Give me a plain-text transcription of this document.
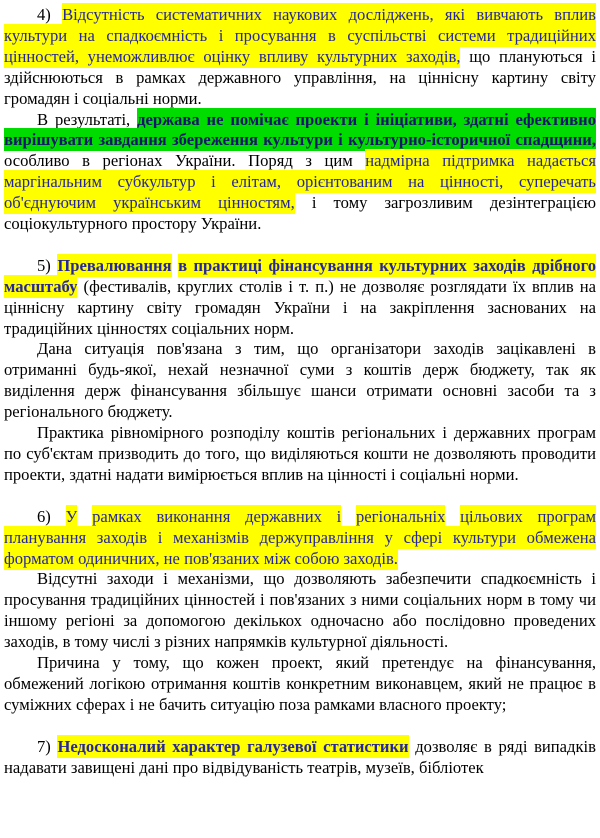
4) Відсутність систематичних наукових досліджень, які вивчають вплив культури на спадкоємність і просування в суспільстві системи традиційних цінностей, унеможливлює оцінку впливу культурних заходів, що плануються і здійснюються в рамках державного управління, на ціннісну картину світу громадян і соціальні норми.

В результаті, держава не помічає проекти і ініціативи, здатні ефективно вирішувати завдання збереження культури і культурно-історичної спадщини, особливо в регіонах України. Поряд з цим надмірна підтримка надається маргінальним субкультур і елітам, орієнтованим на цінності, суперечать об'єднуючим українським цінностям, і тому загрозливим дезінтеграцією соціокультурного простору України.

5) Превалювання в практиці фінансування культурних заходів дрібного масштабу (фестивалів, круглих столів і т. п.) не дозволяє розглядати їх вплив на ціннісну картину світу громадян України і на закріплення заснованих на традиційних цінностях соціальних норм.

Дана ситуація пов'язана з тим, що організатори заходів зацікавлені в отриманні будь-якої, нехай незначної суми з коштів держ бюджету, так як виділення держ фінансування збільшує шанси отримати основні засоби та з регіонального бюджету.

Практика рівномірного розподілу коштів регіональних і державних програм по суб'єктам призводить до того, що виділяються кошти не дозволяють проводити проекти, здатні надати вимірюється вплив на цінності і соціальні норми.

6) У рамках виконання державних і регіональніх цільових програм планування заходів і механізмів держуправління у сфері культури обмежена форматом одиничних, не пов'язаних між собою заходів.

Відсутні заходи і механізми, що дозволяють забезпечити спадкоємність і просування традиційних цінностей і пов'язаних з ними соціальних норм в тому чи іншому регіоні за допомогою декількох одночасно або послідовно проведених заходів, в тому числі з різних напрямків культурної діяльності.

Причина у тому, що кожен проект, який претендує на фінансування, обмежений логікою отримання коштів конкретним виконавцем, який не працює в суміжних сферах і не бачить ситуацію поза рамками власного проекту;

7) Недосконалий характер галузевої статистики дозволяє в ряді випадків надавати завищені дані про відвідуваність театрів, музеїв, бібліотек
